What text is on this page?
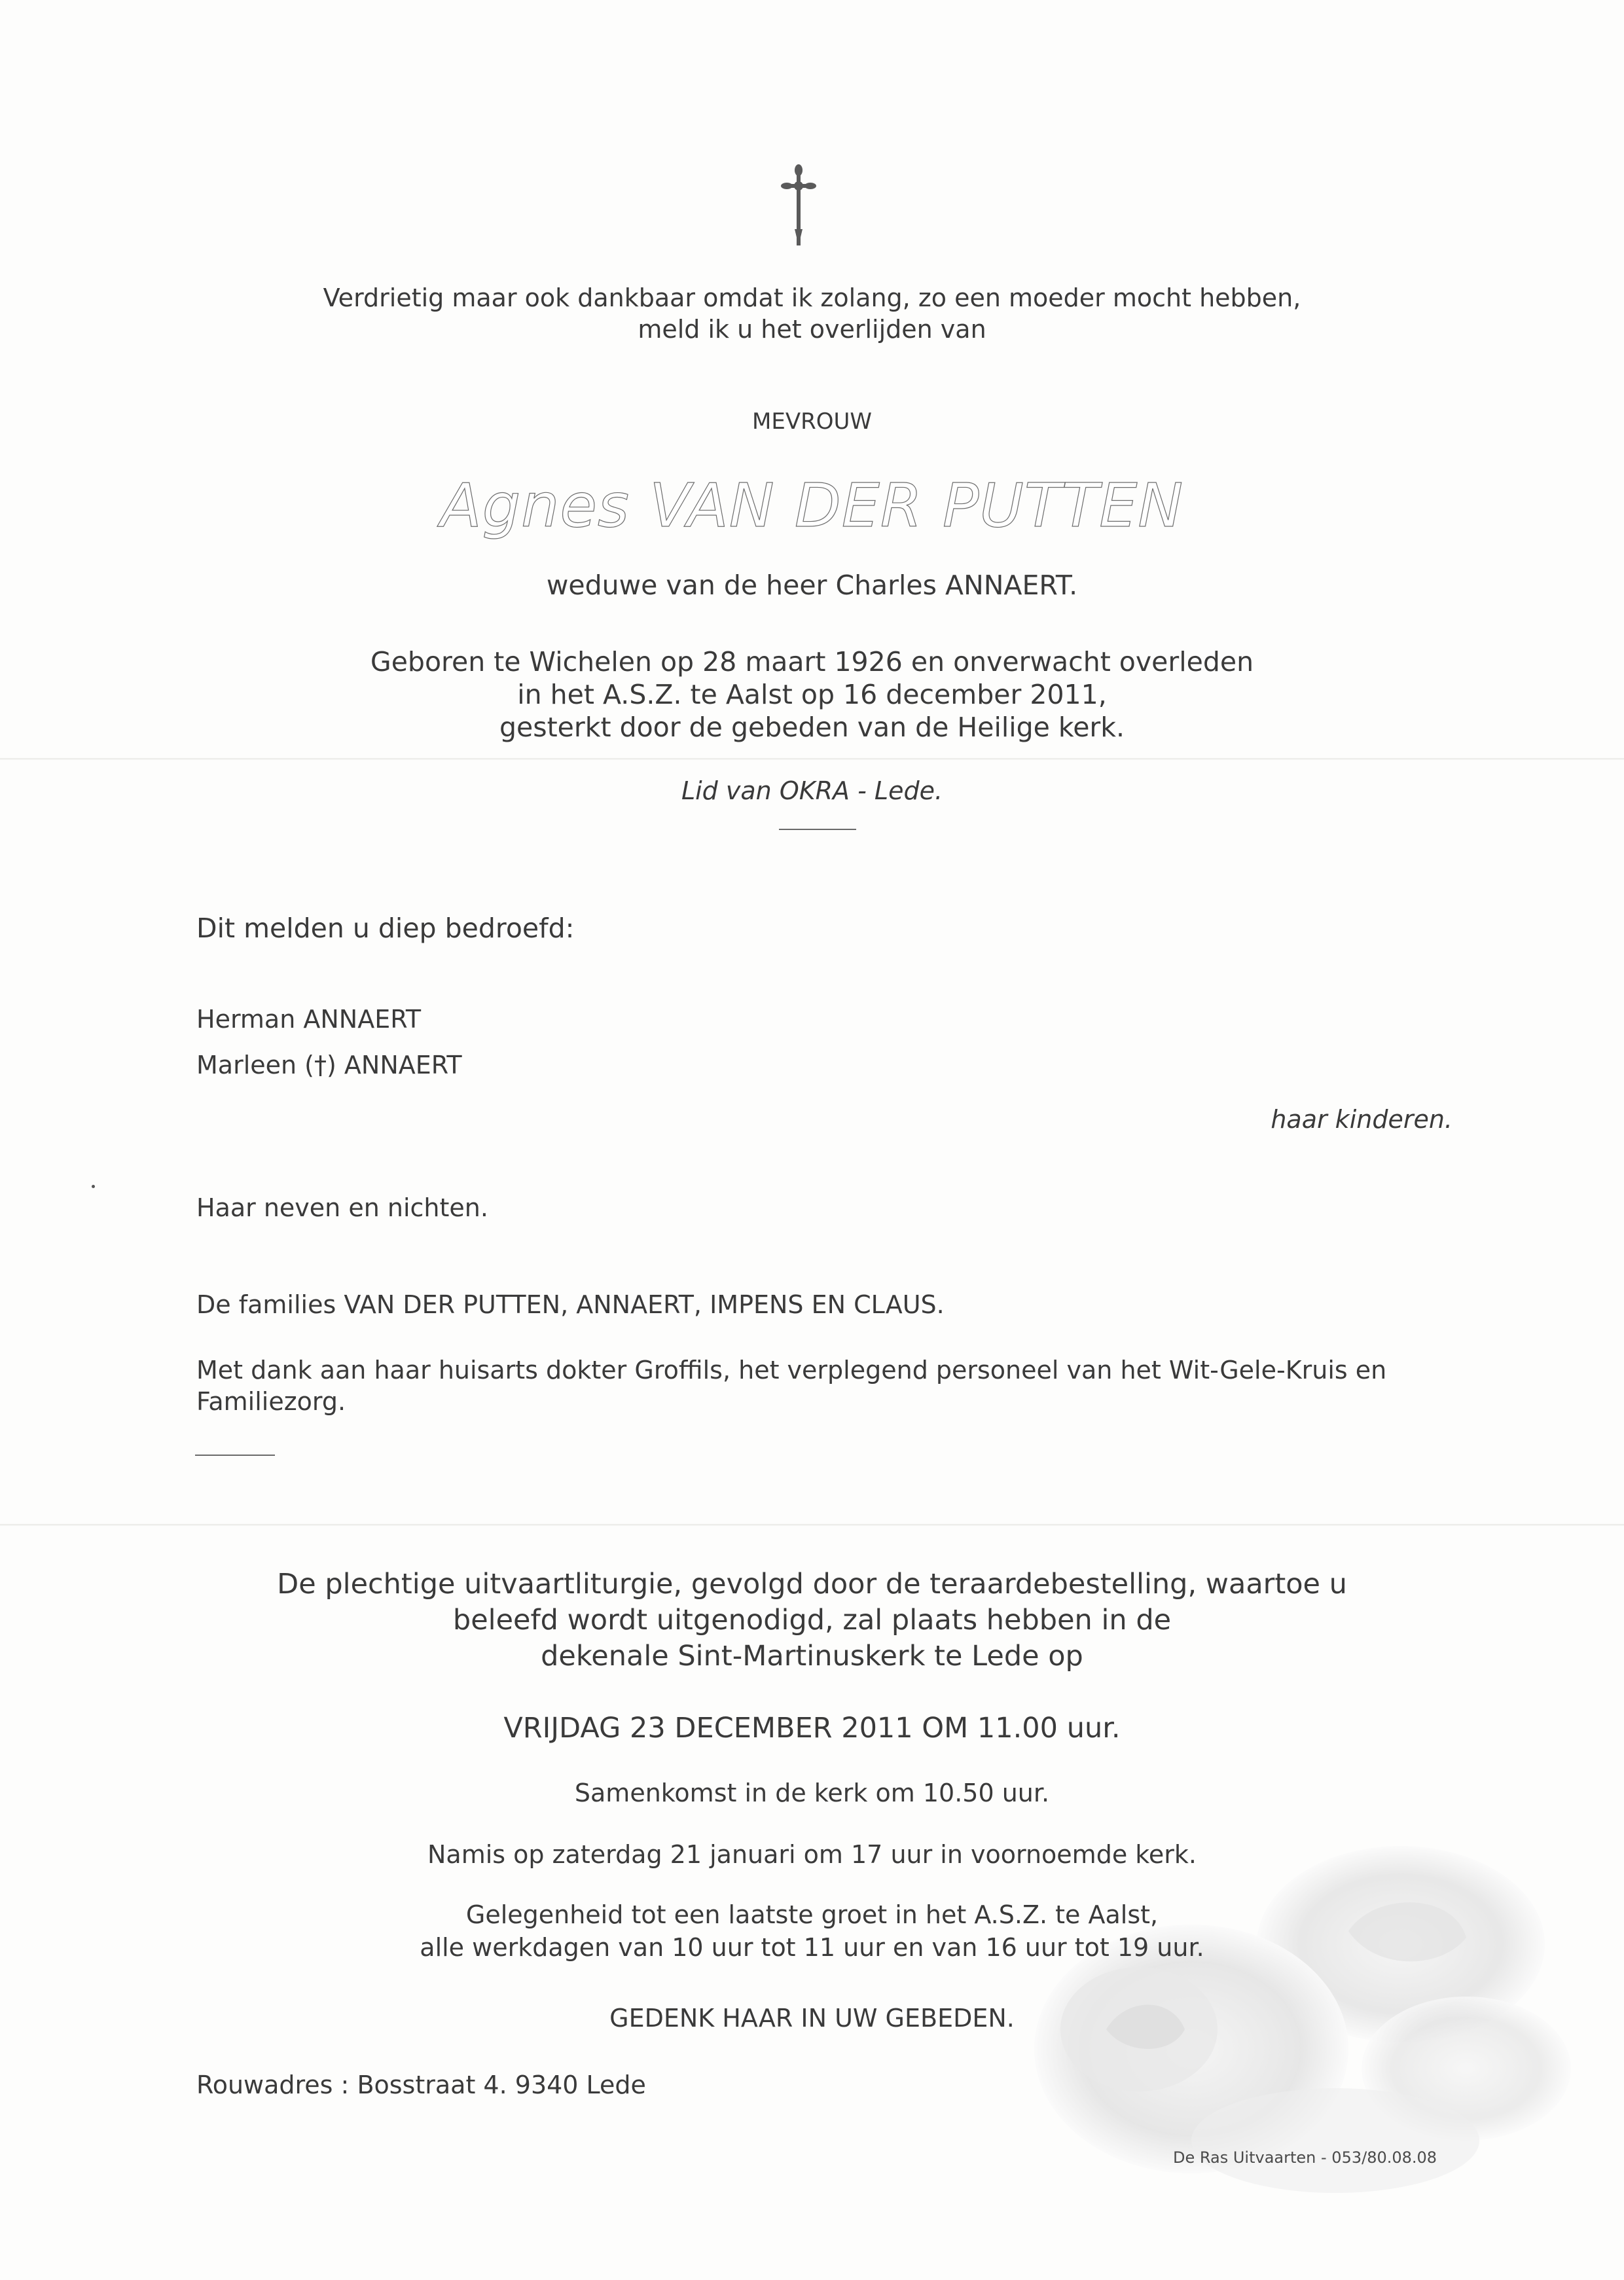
Verdrietig maar ook dankbaar omdat ik zolang, zo een moeder mocht hebben,
meld ik u het overlijden van
MEVROUW
Agnes VAN DER PUTTEN
weduwe van de heer Charles ANNAERT.
Geboren te Wichelen op 28 maart 1926 en onverwacht overleden
in het A.S.Z. te Aalst op 16 december 2011,
gesterkt door de gebeden van de Heilige kerk.
Lid van OKRA - Lede.
Dit melden u diep bedroefd:
Herman ANNAERT
Marleen (†) ANNAERT
haar kinderen.
Haar neven en nichten.
De families VAN DER PUTTEN, ANNAERT, IMPENS EN CLAUS.
Met dank aan haar huisarts dokter Groffils, het verplegend personeel van het Wit-Gele-Kruis en
Familiezorg.
De plechtige uitvaartliturgie, gevolgd door de teraardebestelling, waartoe u
beleefd wordt uitgenodigd, zal plaats hebben in de
dekenale Sint-Martinuskerk te Lede op
VRIJDAG 23 DECEMBER 2011 OM 11.00 uur.
Samenkomst in de kerk om 10.50 uur.
Namis op zaterdag 21 januari om 17 uur in voornoemde kerk.
Gelegenheid tot een laatste groet in het A.S.Z. te Aalst,
alle werkdagen van 10 uur tot 11 uur en van 16 uur tot 19 uur.
GEDENK HAAR IN UW GEBEDEN.
Rouwadres : Bosstraat 4. 9340 Lede
De Ras Uitvaarten - 053/80.08.08
